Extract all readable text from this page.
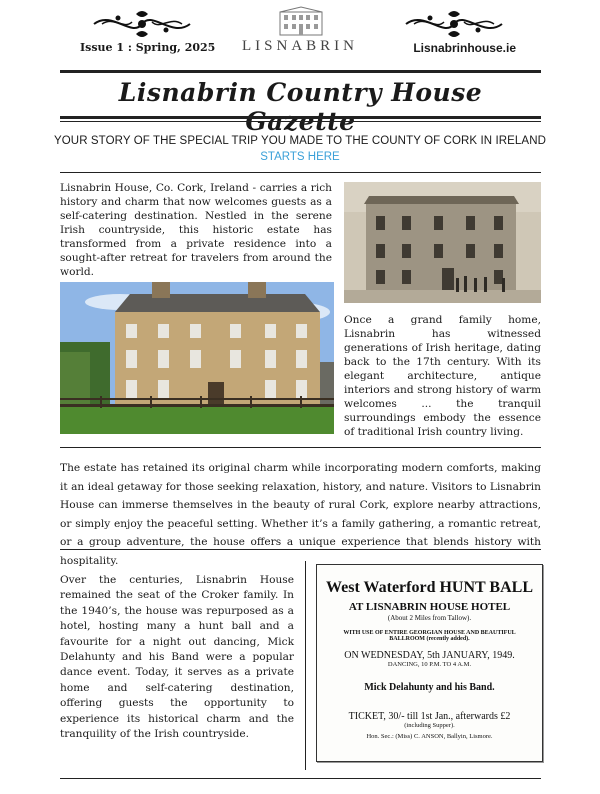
Issue 1 : Spring, 2025	LISNABRIN	Lisnabrinhouse.ie
Lisnabrin Country House
YOUR STORY OF THE SPECIAL TRIP YOU MADE TO THE COUNTY OF CORK IN IRELAND
STARTS HERE
Lisnabrin House, Co. Cork, Ireland - carries a rich history and charm that now welcomes guests as a self-catering destination. Nestled in the serene Irish countryside, this historic estate has transformed from a private residence into a sought-after retreat for travelers from around the world.
Once a grand family home, Lisnabrin has witnessed generations of Irish heritage, dating back to the 17th century. With its elegant architecture, antique interiors and strong history of warm welcomes ... the tranquil surroundings embody the essence of traditional Irish country living.
The estate has retained its original charm while incorporating modern comforts, making it an ideal getaway for those seeking relaxation, history, and nature. Visitors to Lisnabrin House can immerse themselves in the beauty of rural Cork, explore nearby attractions, or simply enjoy the peaceful setting. Whether it’s a family gathering, a romantic retreat, or a group adventure, the house offers a unique experience that blends history with hospitality.
Over the centuries, Lisnabrin House remained the seat of the Croker family. In the 1940’s, the house was repurposed as a hotel, hosting many a hunt ball and a favourite for a night out dancing, Mick Delahunty and his Band were a popular dance event. Today, it serves as a private home and self-catering destination, offering guests the opportunity to experience its historical charm and the tranquility of the Irish countryside.
West Waterford HUNT BALL
AT LISNABRIN HOUSE HOTEL
(About 2 Miles from Tallow).
WITH USE OF ENTIRE GEORGIAN HOUSE AND BEAUTIFUL
BALLROOM (recently added).
ON WEDNESDAY, 5th JANUARY, 1949.
DANCING, 10 P.M. TO 4 A.M.
Mick Delahunty and his Band.
TICKET, 30/- till 1st Jan., afterwards £2
(including Supper).
Hon. Sec.: (Miss) C. ANSON, Ballyin, Lismore.
